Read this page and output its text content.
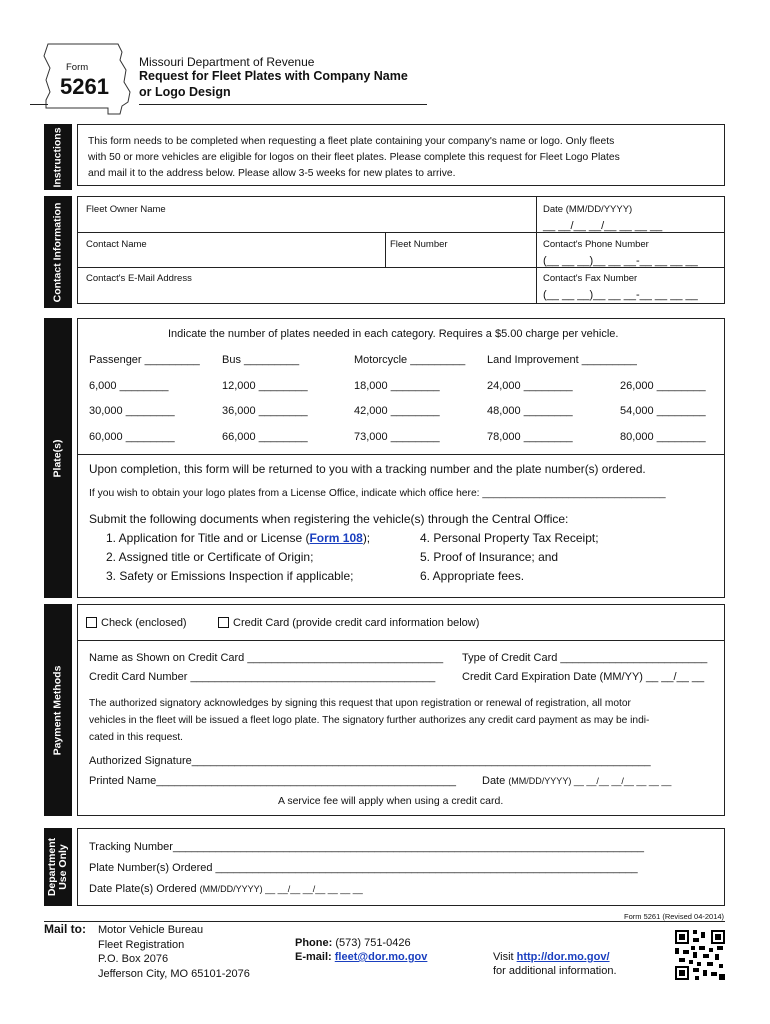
Form
5261
Missouri Department of Revenue
Request for Fleet Plates with Company Name
or Logo Design
Instructions This form needs to be completed when requesting a fleet plate containing your company's name or logo. Only fleets
with 50 or more vehicles are eligible for logos on their fleet plates. Please complete this request for Fleet Logo Plates
and mail it to the address below. Please allow 3-5 weeks for new plates to arrive.
Contact Information Fleet Owner Name	Date (MM/DD/YYYY)
__ __/__ __/__ __ __ __
Contact Name	Fleet Number	Contact's Phone Number
(__ __ __)__ __ __-__ __ __ __
Contact's E-Mail Address	Contact's Fax Number
(__ __ __)__ __ __-__ __ __ __
Plate(s)
Indicate the number of plates needed in each category. Requires a $5.00 charge per vehicle.
Passenger _________ Bus _________	Motorcycle _________ Land Improvement _________
6,000 ________	12,000 ________	18,000 ________	24,000 ________	26,000 ________
30,000 ________	36,000 ________	42,000 ________	48,000 ________	54,000 ________
60,000 ________	66,000 ________	73,000 ________	78,000 ________	80,000 ________
Upon completion, this form will be returned to you with a tracking number and the plate number(s) ordered.
If you wish to obtain your logo plates from a License Office, indicate which office here: ________________________________
Submit the following documents when registering the vehicle(s) through the Central Office:
1. Application for Title and or License (Form 108);
2. Assigned title or Certificate of Origin;
3. Safety or Emissions Inspection if applicable;
4. Personal Property Tax Receipt;
5. Proof of Insurance; and
6. Appropriate fees.
Payment Methods
Check (enclosed)	Credit Card (provide credit card information below)
Name as Shown on Credit Card ________________________________ Type of Credit Card ________________________
Credit Card Number ________________________________________ Credit Card Expiration Date (MM/YY) __ __/__ __
The authorized signatory acknowledges by signing this request that upon registration or renewal of registration, all motor
vehicles in the fleet will be issued a fleet logo plate. The signatory further authorizes any credit card payment as may be indi-
cated in this request.
Authorized Signature___________________________________________________________________________
Printed Name_________________________________________________ Date (MM/DD/YYYY) __ __/__ __/__ __ __ __
A service fee will apply when using a credit card.
Department Use Only Tracking Number_____________________________________________________________________________
Plate Number(s) Ordered _____________________________________________________________________
Date Plate(s) Ordered (MM/DD/YYYY) __ __/__ __/__ __ __ __
Form 5261 (Revised 04-2014)
Mail to: Motor Vehicle Bureau
Fleet Registration
P.O. Box 2076
Jefferson City, MO 65101-2076
Phone: (573) 751-0426
E-mail: fleet@dor.mo.gov	Visit http://dor.mo.gov/
for additional information.
